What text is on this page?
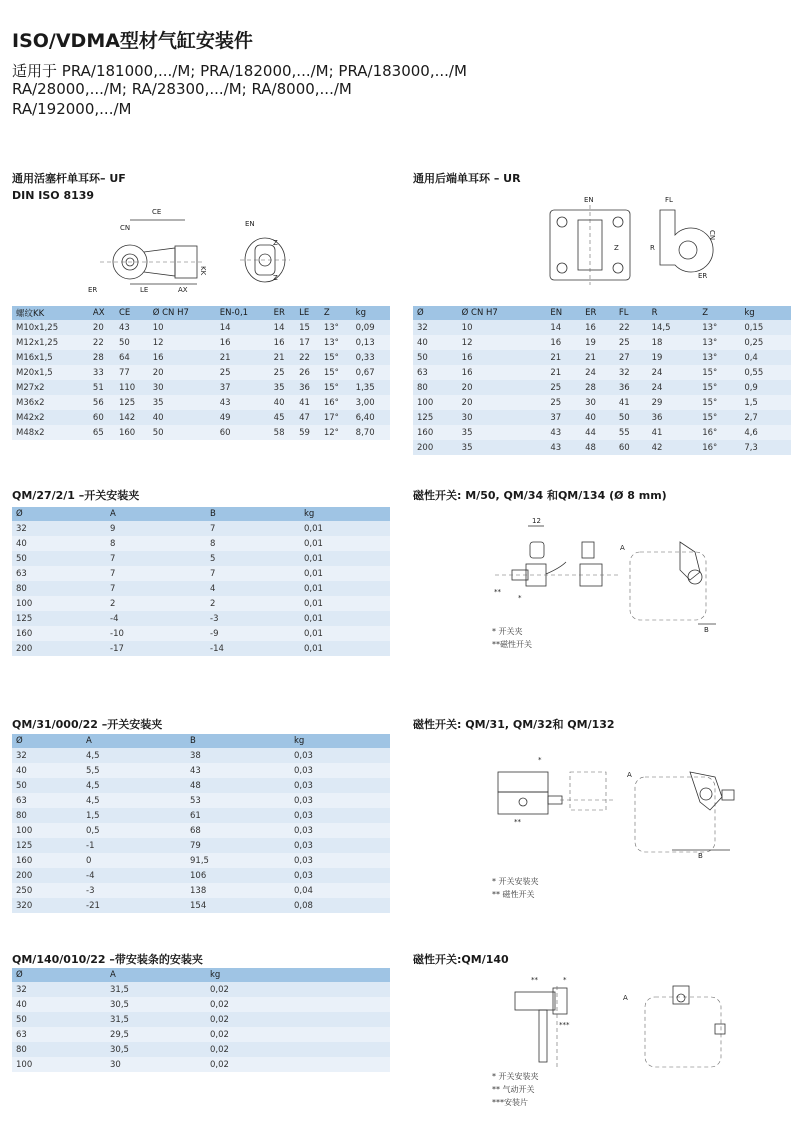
ISO/VDMA型材气缸安装件
适用于 PRA/181000,.../M; PRA/182000,.../M; PRA/183000,.../M
RA/28000,.../M; RA/28300,.../M; RA/8000,.../M
RA/192000,.../M
通用活塞杆单耳环– UF
DIN ISO 8139
CE
CN
KK
ER	LE	AX
EN
Z
Z
螺纹KK	AX	CE	Ø CN H7	EN-0,1	ER	LE	Z	kg
M10x1,25	20	43	10	14	14	15	13°	0,09
M12x1,25	22	50	12	16	16	17	13°	0,13
M16x1,5	28	64	16	21	21	22	15°	0,33
M20x1,5	33	77	20	25	25	26	15°	0,67
M27x2	51	110	30	37	35	36	15°	1,35
M36x2	56	125	35	43	40	41	16°	3,00
M42x2	60	142	40	49	45	47	17°	6,40
M48x2	65	160	50	60	58	59	12°	8,70
通用后端单耳环 – UR
EN
Z
FL
CN
R
ER
Ø	Ø CN H7	EN	ER	FL	R	Z	kg
32	10	14	16	22	14,5	13°	0,15
40	12	16	19	25	18	13°	0,25
50	16	21	21	27	19	13°	0,4
63	16	21	24	32	24	15°	0,55
80	20	25	28	36	24	15°	0,9
100	20	25	30	41	29	15°	1,5
125	30	37	40	50	36	15°	2,7
160	35	43	44	55	41	16°	4,6
200	35	43	48	60	42	16°	7,3
QM/27/2/1 –开关安装夹
Ø	A	B	kg
32	9	7	0,01
40	8	8	0,01
50	7	5	0,01
63	7	7	0,01
80	7	4	0,01
100	2	2	0,01
125	-4	-3	0,01
160	-10	-9	0,01
200	-17	-14	0,01
磁性开关: M/50, QM/34 和QM/134 (Ø 8 mm)
12
**
*
A
B
* 开关夹
**磁性开关
QM/31/000/22 –开关安装夹
Ø	A	B	kg
32	4,5	38	0,03
40	5,5	43	0,03
50	4,5	48	0,03
63	4,5	53	0,03
80	1,5	61	0,03
100	0,5	68	0,03
125	-1	79	0,03
160	0	91,5	0,03
200	-4	106	0,03
250	-3	138	0,04
320	-21	154	0,08
磁性开关: QM/31, QM/32和 QM/132
*
**
A
B
* 开关安装夹
** 磁性开关
QM/140/010/22 –带安装条的安装夹
Ø	A	kg
32	31,5	0,02
40	30,5	0,02
50	31,5	0,02
63	29,5	0,02
80	30,5	0,02
100	30	0,02
磁性开关:QM/140
**	*
***
A
* 开关安装夹
** 气动开关
***安装片
